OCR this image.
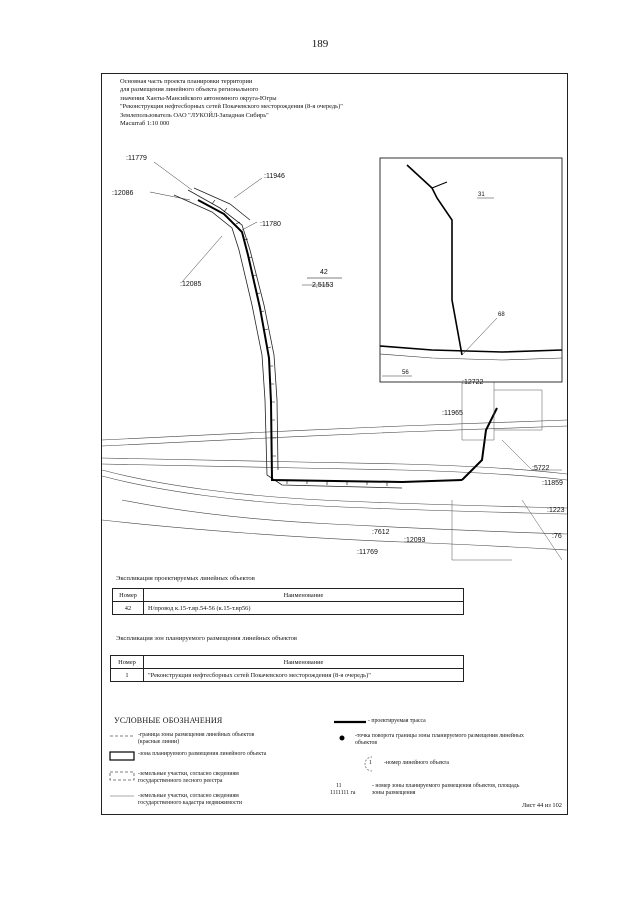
189
Основная часть проекта планировки территории
для размещения линейного объекта регионального
значения Ханты-Мансийского автономного округа-Югры
"Реконструкция нефтесборных сетей Покачевского месторождения (8-я очередь)"
Землепользователь ОАО "ЛУКОЙЛ-Западная Сибирь"
Масштаб 1:10 000
:11779
:11946
:12086
:11780
:12085
:12722
:11965
:5722
:11859
:1223
:76
:7612
:12093
:11769
42
2,5153
31
68
56
Экспликация проектируемых линейных объектов
Номер	Наименование
42	Н/провод к.15-т.вр.54-56 (к.15-т.вр56)
Экспликация зон планируемого размещения линейных объектов
Номер	Наименование
1	"Реконструкция нефтесборных сетей Покачевского месторождения (8-я очередь)"
УСЛОВНЫЕ ОБОЗНАЧЕНИЯ
-граница зоны размещения линейных объектов (красные линии)
-зона планируемого размещения линейного объекта
-земельные участки, согласно сведениям государственного лесного реестра
-земельные участки, согласно сведениям государственного кадастра недвижимости
1
- проектируемая трасса
-точка поворота границы зоны планируемого размещения линейных объектов
-номер линейного объекта
11
1111111 га
- номер зоны планируемого размещения объектов, площадь зоны размещения
Лист 44 из 102
